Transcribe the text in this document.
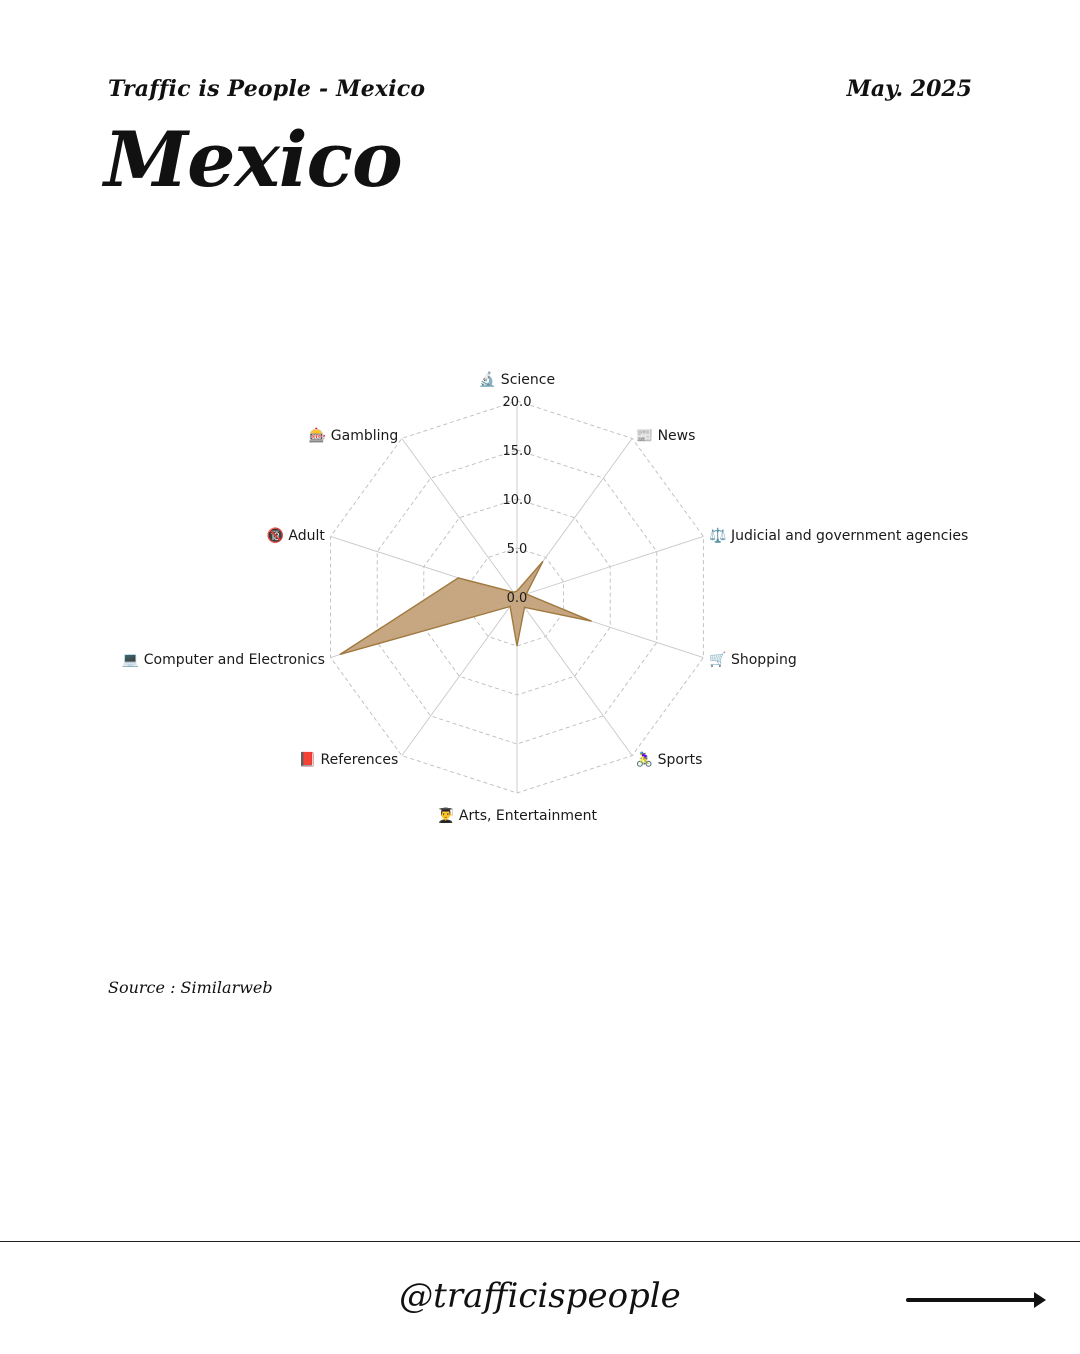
Traffic is People - Mexico	May. 2025
Mexico
0.0
5.0
10.0
15.0
20.0
🔬 Science
📰 News
⚖️ Judicial and government agencies
🛒 Shopping
🚴‍♀️ Sports
👨‍🎓 Arts, Entertainment
📕 References
💻 Computer and Electronics
🔞 Adult
🎰 Gambling
Source : Similarweb
@trafficispeople
